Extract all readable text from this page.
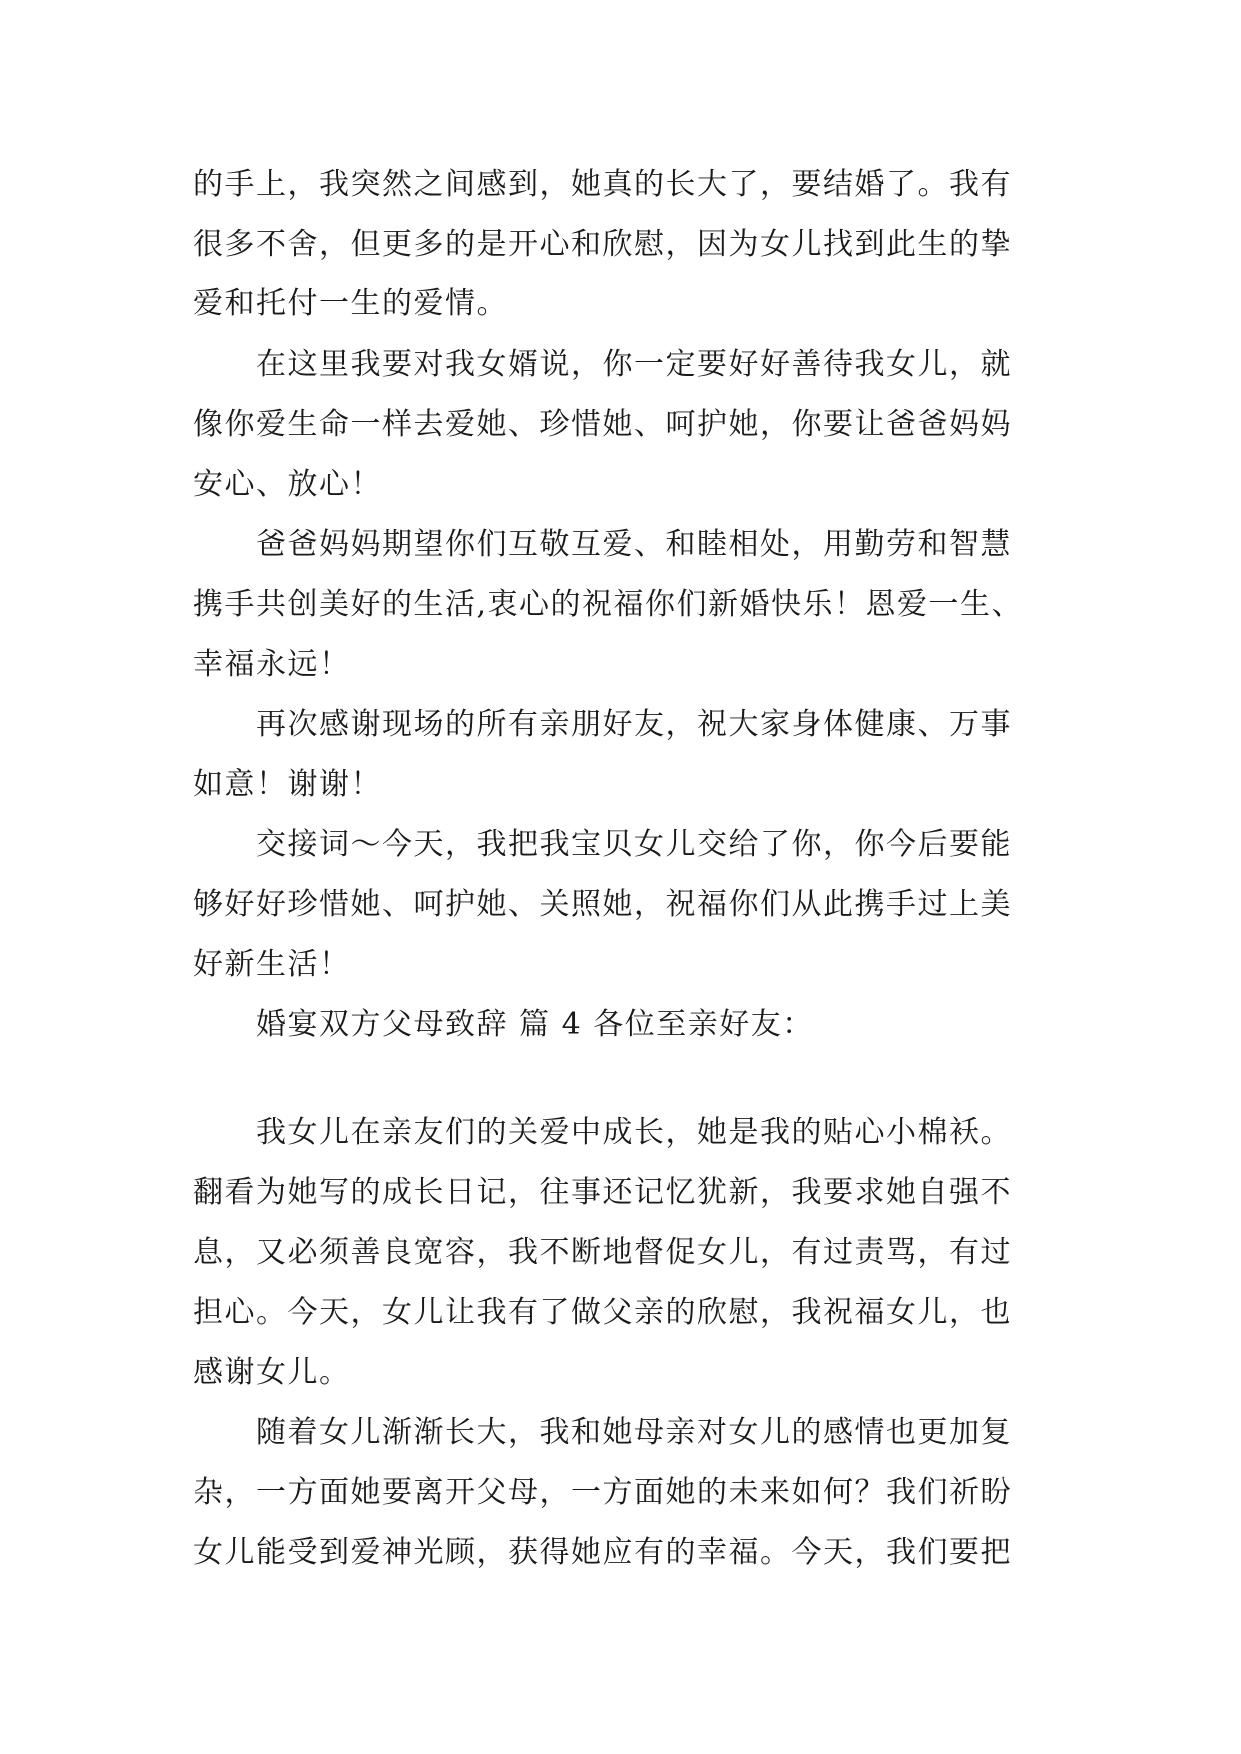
的手上，我突然之间感到，她真的长大了，要结婚了。我有
很多不舍，但更多的是开心和欣慰，因为女儿找到此生的挚
爱和托付一生的爱情。
在这里我要对我女婿说，你一定要好好善待我女儿，就
像你爱生命一样去爱她、珍惜她、呵护她，你要让爸爸妈妈
安心、放心！
爸爸妈妈期望你们互敬互爱、和睦相处，用勤劳和智慧
携手共创美好的生活,衷心的祝福你们新婚快乐！恩爱一生、
幸福永远！
再次感谢现场的所有亲朋好友，祝大家身体健康、万事
如意！谢谢！
交接词～今天，我把我宝贝女儿交给了你，你今后要能
够好好珍惜她、呵护她、关照她，祝福你们从此携手过上美
好新生活！
婚宴双方父母致辞 篇 4 各位至亲好友：
我女儿在亲友们的关爱中成长，她是我的贴心小棉袄。
翻看为她写的成长日记，往事还记忆犹新，我要求她自强不
息，又必须善良宽容，我不断地督促女儿，有过责骂，有过
担心。今天，女儿让我有了做父亲的欣慰，我祝福女儿，也
感谢女儿。
随着女儿渐渐长大，我和她母亲对女儿的感情也更加复
杂，一方面她要离开父母，一方面她的未来如何？我们祈盼
女儿能受到爱神光顾，获得她应有的幸福。今天，我们要把
